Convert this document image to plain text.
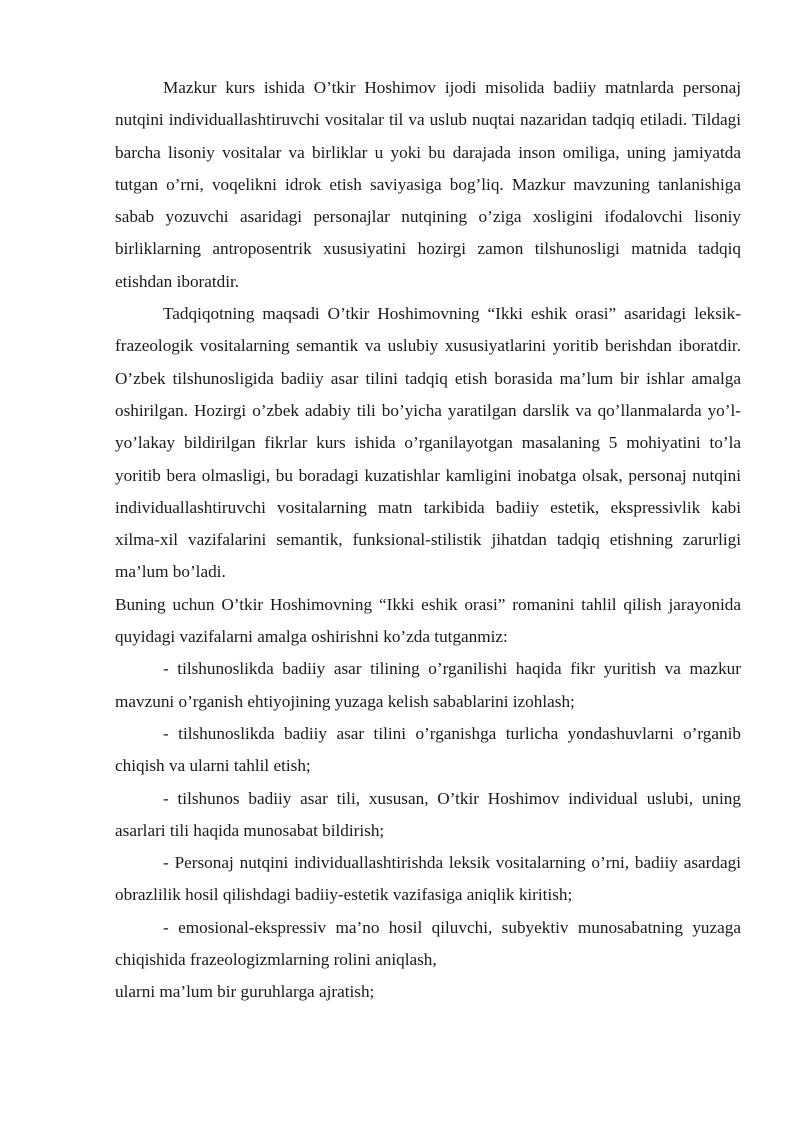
Mazkur kurs ishida O’tkir Hoshimov ijodi misolida badiiy matnlarda personaj nutqini individuallashtiruvchi vositalar til va uslub nuqtai nazaridan tadqiq etiladi. Tildagi barcha lisoniy vositalar va birliklar u yoki bu darajada inson omiliga, uning jamiyatda tutgan o’rni, voqelikni idrok etish saviyasiga bog’liq. Mazkur mavzuning tanlanishiga sabab yozuvchi asaridagi personajlar nutqining o’ziga xosligini ifodalovchi lisoniy birliklarning antroposentrik xususiyatini hozirgi zamon tilshunosligi matnida tadqiq etishdan iboratdir.

Tadqiqotning maqsadi O’tkir Hoshimovning “Ikki eshik orasi” asaridagi leksik-frazeologik vositalarning semantik va uslubiy xususiyatlarini yoritib berishdan iboratdir. O’zbek tilshunosligida badiiy asar tilini tadqiq etish borasida ma’lum bir ishlar amalga oshirilgan. Hozirgi o’zbek adabiy tili bo’yicha yaratilgan darslik va qo’llanmalarda yo’l-yo’lakay bildirilgan fikrlar kurs ishida o’rganilayotgan masalaning 5 mohiyatini to’la yoritib bera olmasligi, bu boradagi kuzatishlar kamligini inobatga olsak, personaj nutqini individuallashtiruvchi vositalarning matn tarkibida badiiy estetik, ekspressivlik kabi xilma-xil vazifalarini semantik, funksional-stilistik jihatdan tadqiq etishning zarurligi ma’lum bo’ladi.

Buning uchun O’tkir Hoshimovning “Ikki eshik orasi” romanini tahlil qilish jarayonida quyidagi vazifalarni amalga oshirishni ko’zda tutganmiz:

- tilshunoslikda badiiy asar tilining o’rganilishi haqida fikr yuritish va mazkur mavzuni o’rganish ehtiyojining yuzaga kelish sabablarini izohlash;

- tilshunoslikda badiiy asar tilini o’rganishga turlicha yondashuvlarni o’rganib chiqish va ularni tahlil etish;

- tilshunos badiiy asar tili, xususan, O’tkir Hoshimov individual uslubi, uning asarlari tili haqida munosabat bildirish;

- Personaj nutqini individuallashtirishda leksik vositalarning o’rni, badiiy asardagi obrazlilik hosil qilishdagi badiiy-estetik vazifasiga aniqlik kiritish;

- emosional-ekspressiv ma’no hosil qiluvchi, subyektiv munosabatning yuzaga chiqishida frazeologizmlarning rolini aniqlash,

ularni ma’lum bir guruhlarga ajratish;
